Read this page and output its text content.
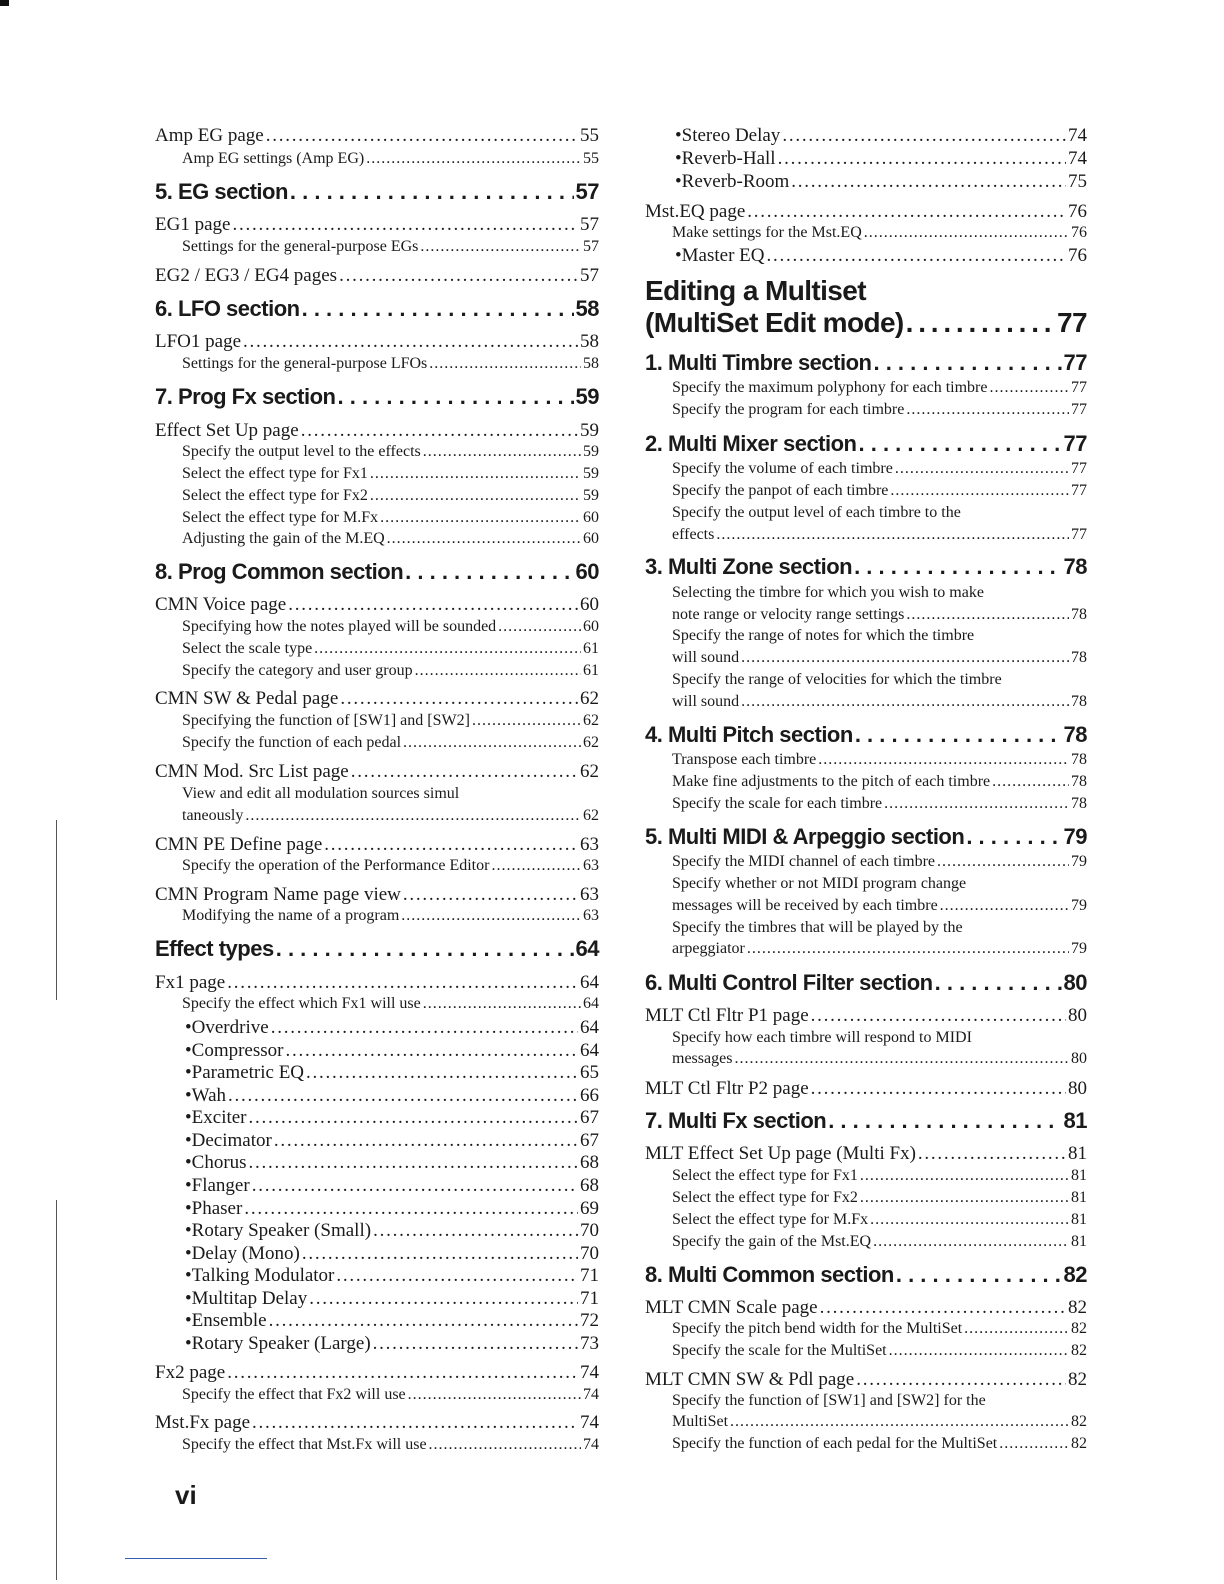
Amp EG page . . .	55
Amp EG settings (Amp EG) . . .	55
5. EG section . . .	57
EG1 page . . .	57
Settings for the general-purpose EGs . . .	57
EG2 / EG3 / EG4 pages . . .	57
6. LFO section . . .	58
LFO1 page . . .	58
Settings for the general-purpose LFOs . . .	58
7. Prog Fx section . . .	59
Effect Set Up page . . .	59
Specify the output level to the effects . . .	59
Select the effect type for Fx1 . . .	59
Select the effect type for Fx2 . . .	59
Select the effect type for M.Fx . . .	60
Adjusting the gain of the M.EQ . . .	60
8. Prog Common section . . .	60
CMN Voice page . . .	60
Specifying how the notes played will be sounded . . .	60
Select the scale type . . .	61
Specify the category and user group . . .	61
CMN SW & Pedal page . . .	62
Specifying the function of [SW1] and [SW2] . . .	62
Specify the function of each pedal . . .	62
CMN Mod. Src List page . . .	62
View and edit all modulation sources simul
taneously . . .	62
CMN PE Define page . . .	63
Specify the operation of the Performance Editor . . .	63
CMN Program Name page view . . .	63
Modifying the name of a program . . .	63
Effect types . . .	64
Fx1 page . . .	64
Specify the effect which Fx1 will use . . .	64
•Overdrive . . .	64
•Compressor . . .	64
•Parametric EQ . . .	65
•Wah . . .	66
•Exciter . . .	67
•Decimator . . .	67
•Chorus . . .	68
•Flanger . . .	68
•Phaser . . .	69
•Rotary Speaker (Small) . . .	70
•Delay (Mono) . . .	70
•Talking Modulator . . .	71
•Multitap Delay . . .	71
•Ensemble . . .	72
•Rotary Speaker (Large) . . .	73
Fx2 page . . .	74
Specify the effect that Fx2 will use . . .	74
Mst.Fx page . . .	74
Specify the effect that Mst.Fx will use . . .	74
•Stereo Delay . . .	74
•Reverb-Hall . . .	74
•Reverb-Room . . .	75
Mst.EQ page . . .	76
Make settings for the Mst.EQ . . .	76
•Master EQ . . .	76
Editing a Multiset
(MultiSet Edit mode) . . .	77
1. Multi Timbre section . . .	77
Specify the maximum polyphony for each timbre . . .	77
Specify the program for each timbre . . .	77
2. Multi Mixer section . . .	77
Specify the volume of each timbre . . .	77
Specify the panpot of each timbre . . .	77
Specify the output level of each timbre to the
effects . . .	77
3. Multi Zone section . . .	78
Selecting the timbre for which you wish to make
note range or velocity range settings . . .	78
Specify the range of notes for which the timbre
will sound . . .	78
Specify the range of velocities for which the timbre
will sound . . .	78
4. Multi Pitch section . . .	78
Transpose each timbre . . .	78
Make fine adjustments to the pitch of each timbre . . .	78
Specify the scale for each timbre . . .	78
5. Multi MIDI & Arpeggio section . . .	79
Specify the MIDI channel of each timbre . . .	79
Specify whether or not MIDI program change
messages will be received by each timbre . . .	79
Specify the timbres that will be played by the
arpeggiator . . .	79
6. Multi Control Filter section . . .	80
MLT Ctl Fltr P1 page . . .	80
Specify how each timbre will respond to MIDI
messages . . .	80
MLT Ctl Fltr P2 page . . .	80
7. Multi Fx section . . .	81
MLT Effect Set Up page (Multi Fx) . . .	81
Select the effect type for Fx1 . . .	81
Select the effect type for Fx2 . . .	81
Select the effect type for M.Fx . . .	81
Specify the gain of the Mst.EQ . . .	81
8. Multi Common section . . .	82
MLT CMN Scale page . . .	82
Specify the pitch bend width for the MultiSet . . .	82
Specify the scale for the MultiSet . . .	82
MLT CMN SW & Pdl page . . .	82
Specify the function of [SW1] and [SW2] for the
MultiSet . . .	82
Specify the function of each pedal for the MultiSet . . .	82
vi
